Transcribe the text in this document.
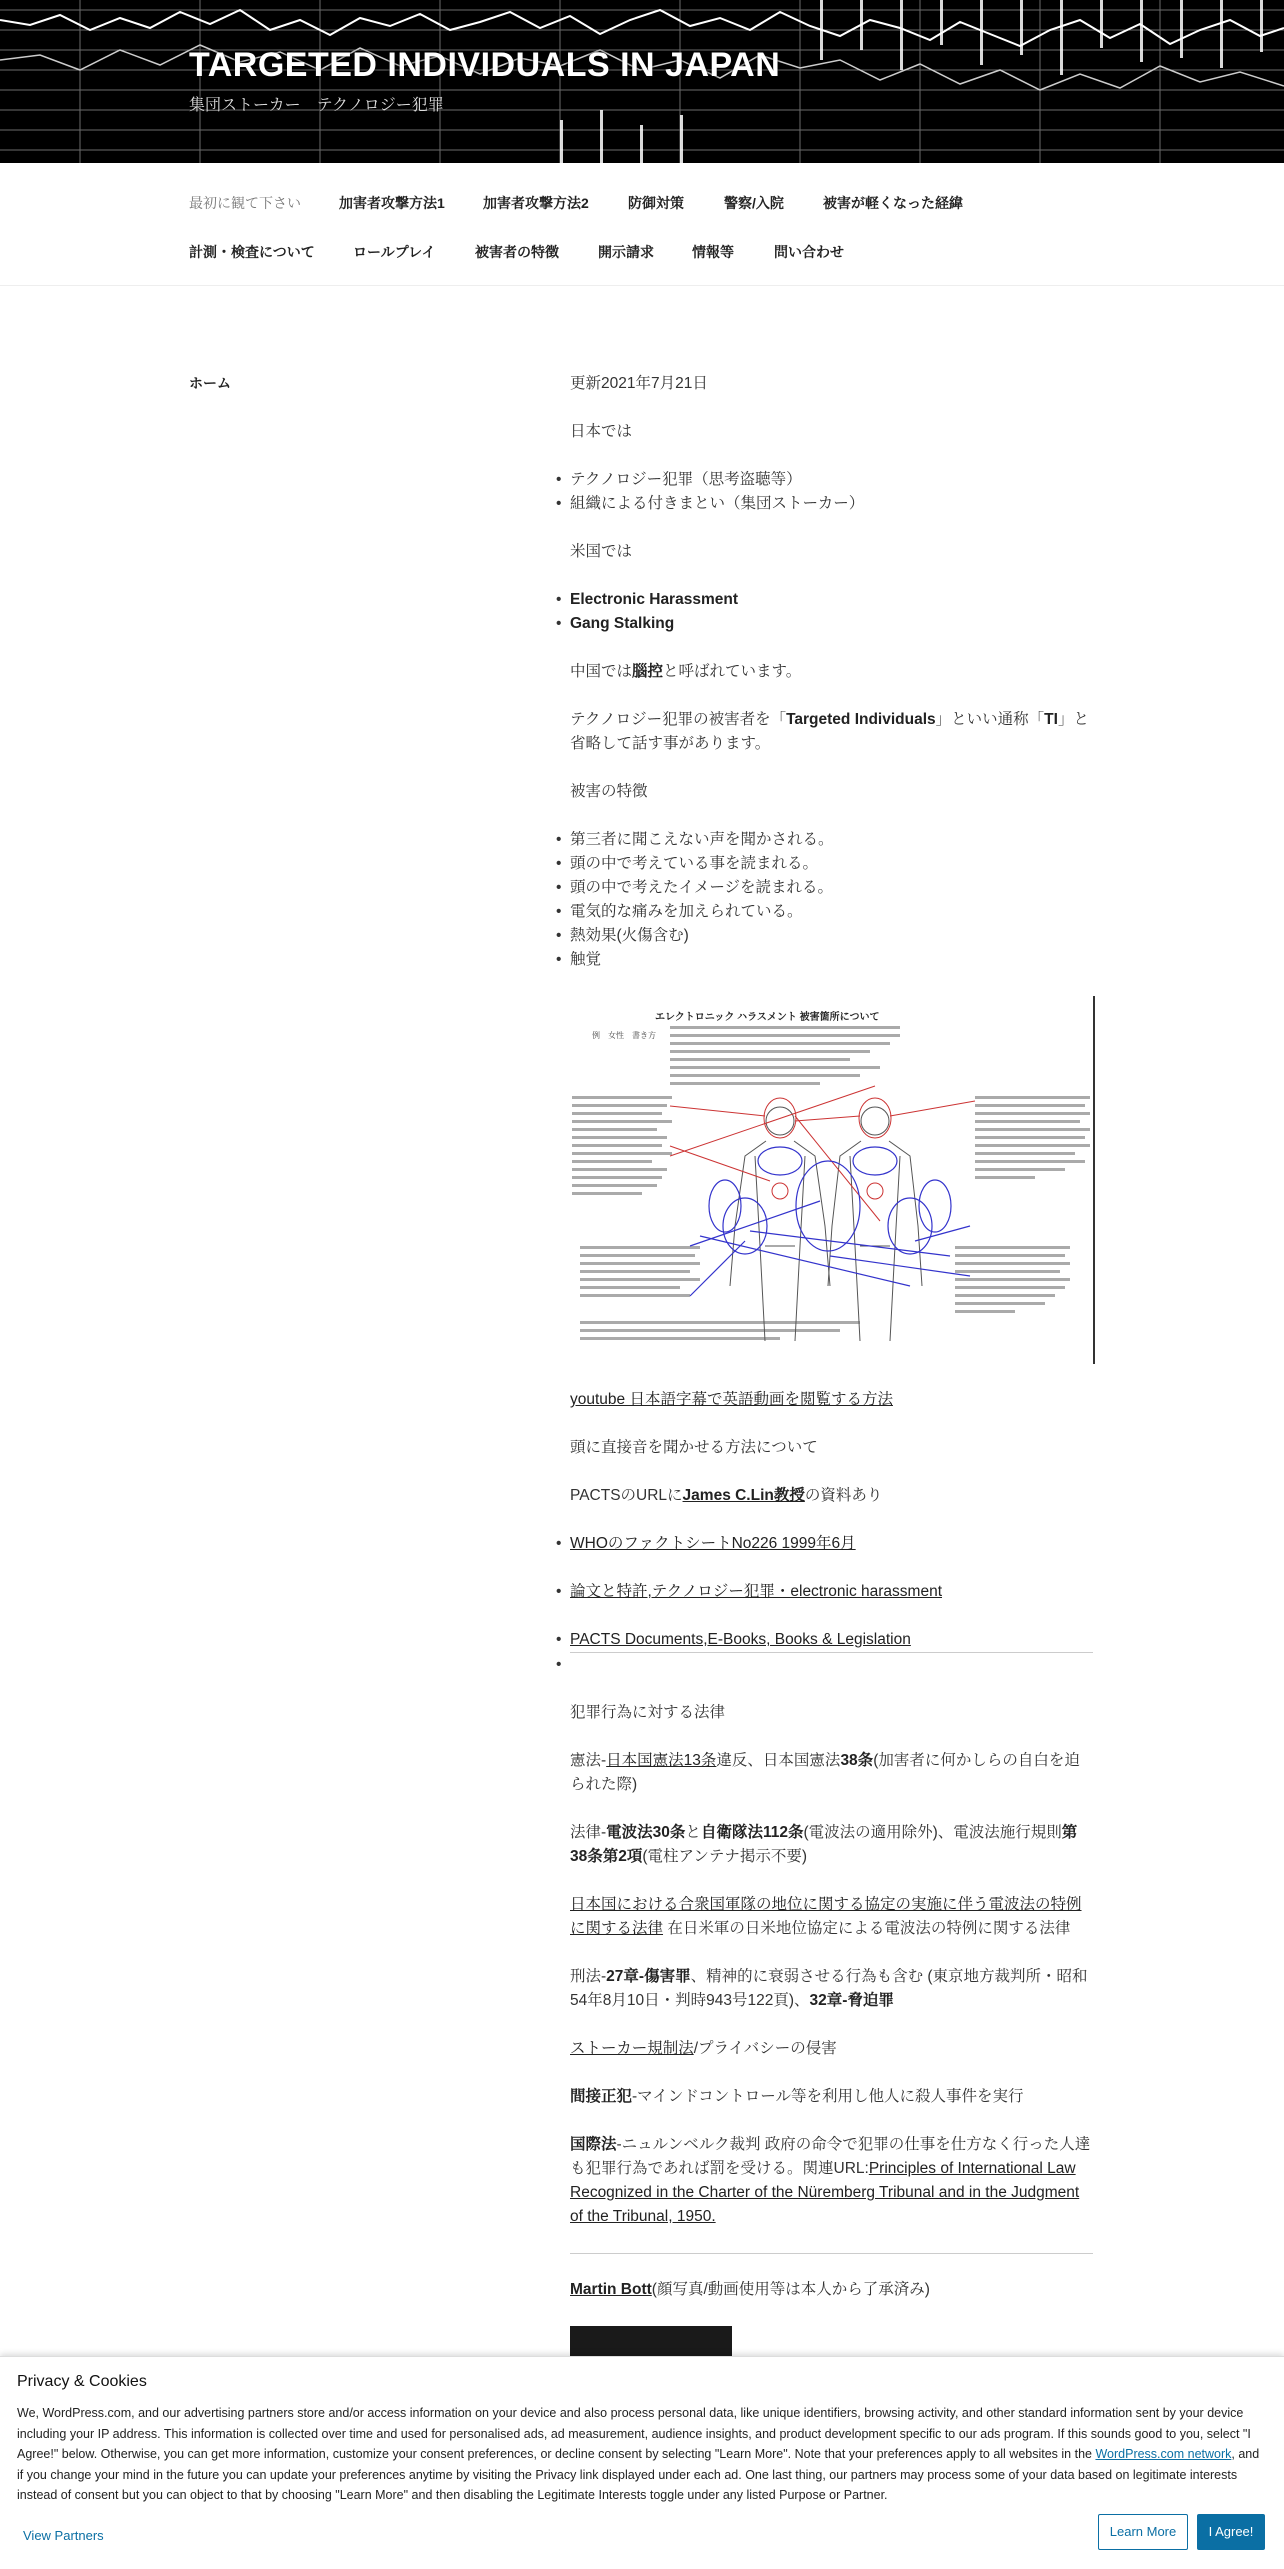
TARGETED INDIVIDUALS IN JAPAN

集団ストーカー　テクノロジー犯罪

最初に観て下さい	加害者攻撃方法1	加害者攻撃方法2	防御対策	警察/入院	被害が軽くなった経緯
計測・検査について	ロールプレイ	被害者の特徴	開示請求	情報等	問い合わせ
ホーム	更新2021年7月21日

日本では

• テクノロジー犯罪（思考盗聴等）
• 組織による付きまとい（集団ストーカー）

米国では

• Electronic Harassment
• Gang Stalking

中国では腦控と呼ばれています。

テクノロジー犯罪の被害者を「Targeted Individuals」といい通称「TI」と省略して話す事があります。

被害の特徴

• 第三者に聞こえない声を聞かされる。
• 頭の中で考えている事を読まれる。
• 頭の中で考えたイメージを読まれる。
• 電気的な痛みを加えられている。
• 熱効果(火傷含む)
• 触覚
エレクトロニック ハラスメント 被害箇所について
例　女性　書き方

youtube 日本語字幕で英語動画を閲覧する方法

頭に直接音を聞かせる方法について

PACTSのURLにJames C.Lin教授の資料あり

• WHOのファクトシートNo226 1999年6月
• 論文と特許,テクノロジー犯罪・electronic harassment
• PACTS Documents,E-Books, Books & Legislation
•

犯罪行為に対する法律

憲法-日本国憲法13条違反、日本国憲法38条(加害者に何かしらの自白を迫られた際)

法律-電波法30条と自衛隊法112条(電波法の適用除外)、電波法施行規則第38条第2項(電柱アンテナ掲示不要)

日本国における合衆国軍隊の地位に関する協定の実施に伴う電波法の特例に関する法律 在日米軍の日米地位協定による電波法の特例に関する法律

刑法-27章-傷害罪、精神的に衰弱させる行為も含む (東京地方裁判所・昭和54年8月10日・判時943号122頁)、32章-脅迫罪

ストーカー規制法/プライバシーの侵害

間接正犯-マインドコントロール等を利用し他人に殺人事件を実行

国際法-ニュルンベルク裁判 政府の命令で犯罪の仕事を仕方なく行った人達も犯罪行為であれば罰を受ける。関連URL:Principles of International Law Recognized in the Charter of the Nüremberg Tribunal and in the Judgment of the Tribunal, 1950.

Martin Bott(顔写真/動画使用等は本人から了承済み)

Privacy & Cookies
We, WordPress.com, and our advertising partners store and/or access information on your device and also process personal data, like unique identifiers, browsing activity, and other standard information sent by your device including your IP address. This information is collected over time and used for personalised ads, ad measurement, audience insights, and product development specific to our ads program. If this sounds good to you, select "I Agree!" below. Otherwise, you can get more information, customize your consent preferences, or decline consent by selecting "Learn More". Note that your preferences apply to all websites in the WordPress.com network, and if you change your mind in the future you can update your preferences anytime by visiting the Privacy link displayed under each ad. One last thing, our partners may process some of your data based on legitimate interests instead of consent but you can object to that by choosing "Learn More" and then disabling the Legitimate Interests toggle under any listed Purpose or Partner.
View Partners	Learn More	I Agree!
